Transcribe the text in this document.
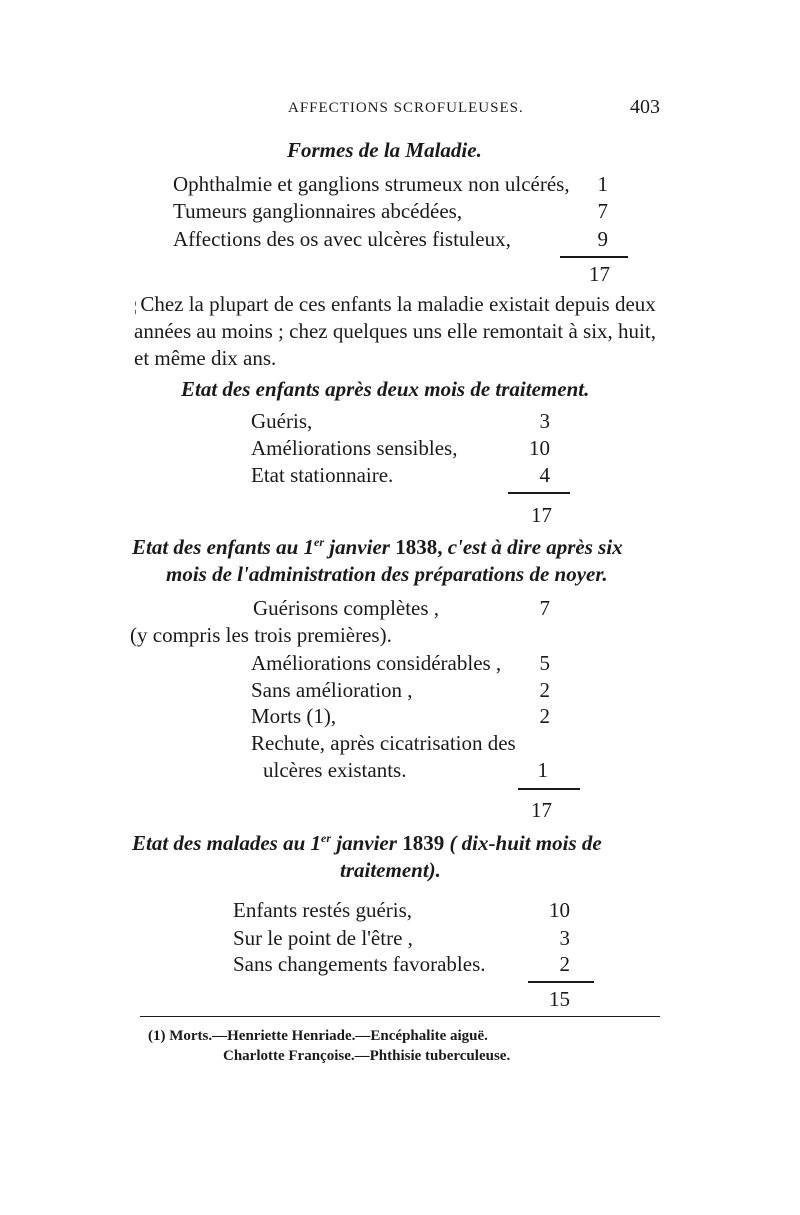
AFFECTIONS SCROFULEUSES.	403
Formes de la Maladie.
Ophthalmie et ganglions strumeux non ulcérés,	1
Tumeurs ganglionnaires abcédées,	7
Affections des os avec ulcères fistuleux,	9
17
¦ Chez la plupart de ces enfants la maladie existait depuis deux
années au moins ; chez quelques uns elle remontait à six, huit,
et même dix ans.
Etat des enfants après deux mois de traitement.
Guéris,	3
Améliorations sensibles,	10
Etat stationnaire.	4
17
Etat des enfants au 1er janvier 1838, c'est à dire après six
mois de l'administration des préparations de noyer.
Guérisons complètes ,	7
(y compris les trois premières).
Améliorations considérables ,	5
Sans amélioration ,	2
Morts (1),	2
Rechute, après cicatrisation des
ulcères existants.	1
17
Etat des malades au 1er janvier 1839 ( dix-huit mois de
traitement).
Enfants restés guéris,	10
Sur le point de l'être ,	3
Sans changements favorables.	2
15
(1) Morts.—Henriette Henriade.—Encéphalite aiguë.
Charlotte Françoise.—Phthisie tuberculeuse.
